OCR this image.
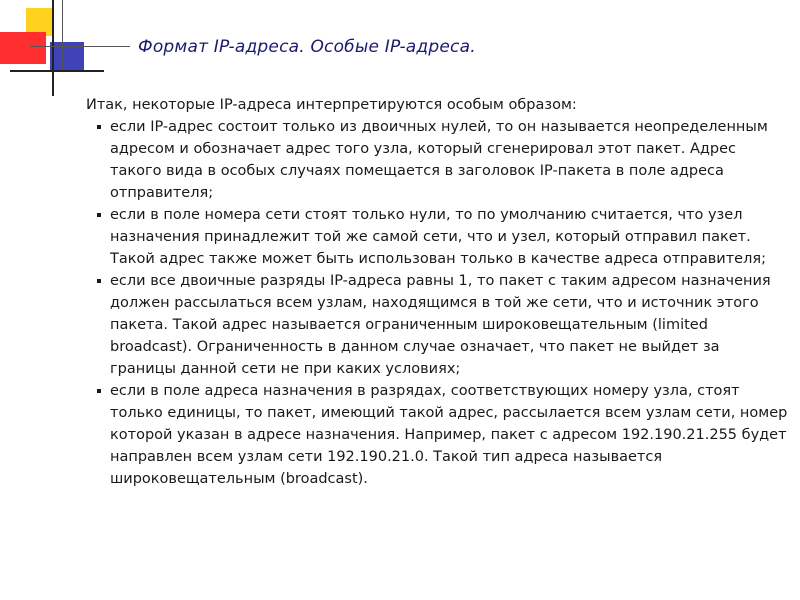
Формат IP-адреса. Особые IP-адреса.

Итак, некоторые IP-адреса интерпретируются особым образом:

если IP-адрес состоит только из двоичных нулей, то он называется неопределенным адресом и обозначает адрес того узла, который сгенерировал этот пакет. Адрес такого вида в особых случаях помещается в заголовок IP-пакета в поле адреса отправителя;
если в поле номера сети стоят только нули, то по умолчанию считается, что узел назначения принадлежит той же самой сети, что и узел, который отправил пакет. Такой адрес также может быть использован только в качестве адреса отправителя;
если все двоичные разряды IP-адреса равны 1, то пакет с таким адресом назначения должен рассылаться всем узлам, находящимся в той же сети, что и источник этого пакета. Такой адрес называется ограниченным широковещательным (limited broadcast). Ограниченность в данном случае означает, что пакет не выйдет за границы данной сети не при каких условиях;
если в поле адреса назначения в разрядах, соответствующих номеру узла, стоят только единицы, то пакет, имеющий такой адрес, рассылается всем узлам сети, номер которой указан в адресе назначения. Например, пакет с адресом 192.190.21.255 будет направлен всем узлам сети 192.190.21.0. Такой тип адреса называется широковещательным (broadcast).
